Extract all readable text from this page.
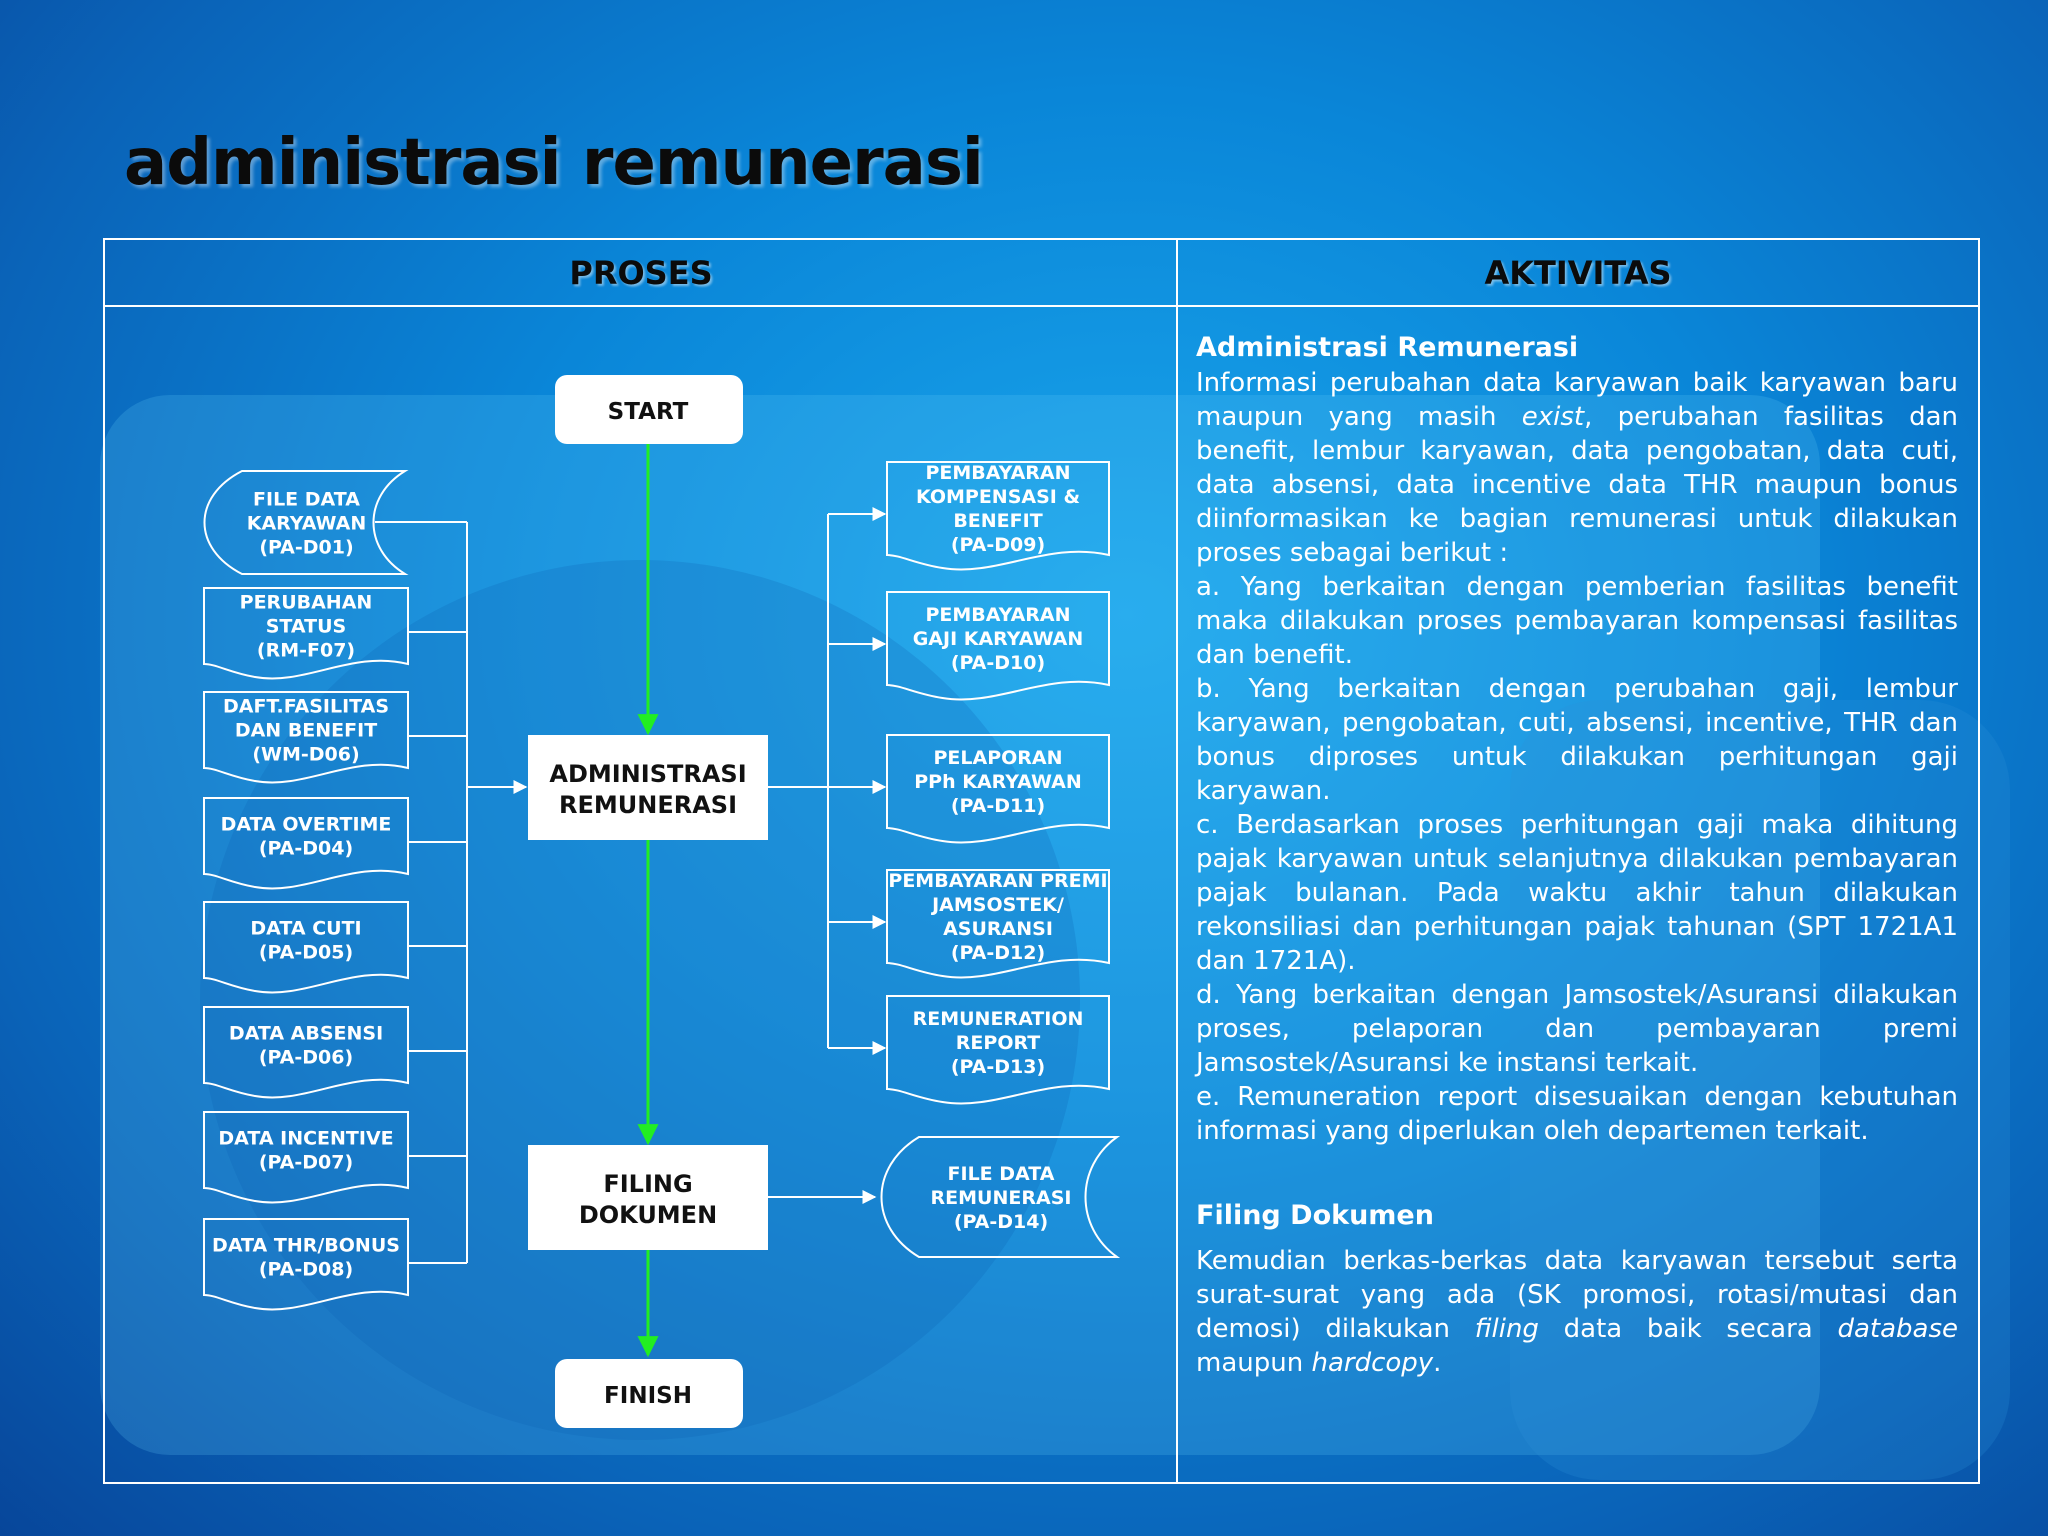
administrasi remunerasi
PROSES	AKTIVITAS
START
ADMINISTRASI
REMUNERASI
FILING
DOKUMEN
FINISH
FILE DATA
KARYAWAN
(PA-D01)
PERUBAHAN
STATUS
(RM-F07)
DAFT.FASILITAS
DAN BENEFIT
(WM-D06)
DATA OVERTIME
(PA-D04)
DATA CUTI
(PA-D05)
DATA ABSENSI
(PA-D06)
DATA INCENTIVE
(PA-D07)
DATA THR/BONUS
(PA-D08)
PEMBAYARAN
KOMPENSASI &
BENEFIT
(PA-D09)
PEMBAYARAN
GAJI KARYAWAN
(PA-D10)
PELAPORAN
PPh KARYAWAN
(PA-D11)
PEMBAYARAN PREMI
JAMSOSTEK/
ASURANSI
(PA-D12)
REMUNERATION
REPORT
(PA-D13)
FILE DATA
REMUNERASI
(PA-D14)
Administrasi Remunerasi

Informasi perubahan data karyawan baik karyawan baru maupun yang masih exist, perubahan fasilitas dan benefit, lembur karyawan, data pengobatan, data cuti, data absensi, data incentive data THR maupun bonus diinformasikan ke bagian remunerasi untuk dilakukan proses sebagai berikut :

a. Yang berkaitan dengan pemberian fasilitas benefit maka dilakukan proses pembayaran kompensasi fasilitas dan benefit.

b. Yang berkaitan dengan perubahan gaji, lembur karyawan, pengobatan, cuti, absensi, incentive, THR dan bonus diproses untuk dilakukan perhitungan gaji karyawan.

c. Berdasarkan proses perhitungan gaji maka dihitung pajak karyawan untuk selanjutnya dilakukan pembayaran pajak bulanan. Pada waktu akhir tahun dilakukan rekonsiliasi dan perhitungan pajak tahunan (SPT 1721A1 dan 1721A).

d. Yang berkaitan dengan Jamsostek/Asuransi dilakukan proses, pelaporan dan pembayaran premi Jamsostek/Asuransi ke instansi terkait.

e. Remuneration report disesuaikan dengan kebutuhan informasi yang diperlukan oleh departemen terkait.

Filing Dokumen

Kemudian berkas-berkas data karyawan tersebut serta surat-surat yang ada (SK promosi, rotasi/mutasi dan demosi) dilakukan filing data baik secara database maupun hardcopy.
